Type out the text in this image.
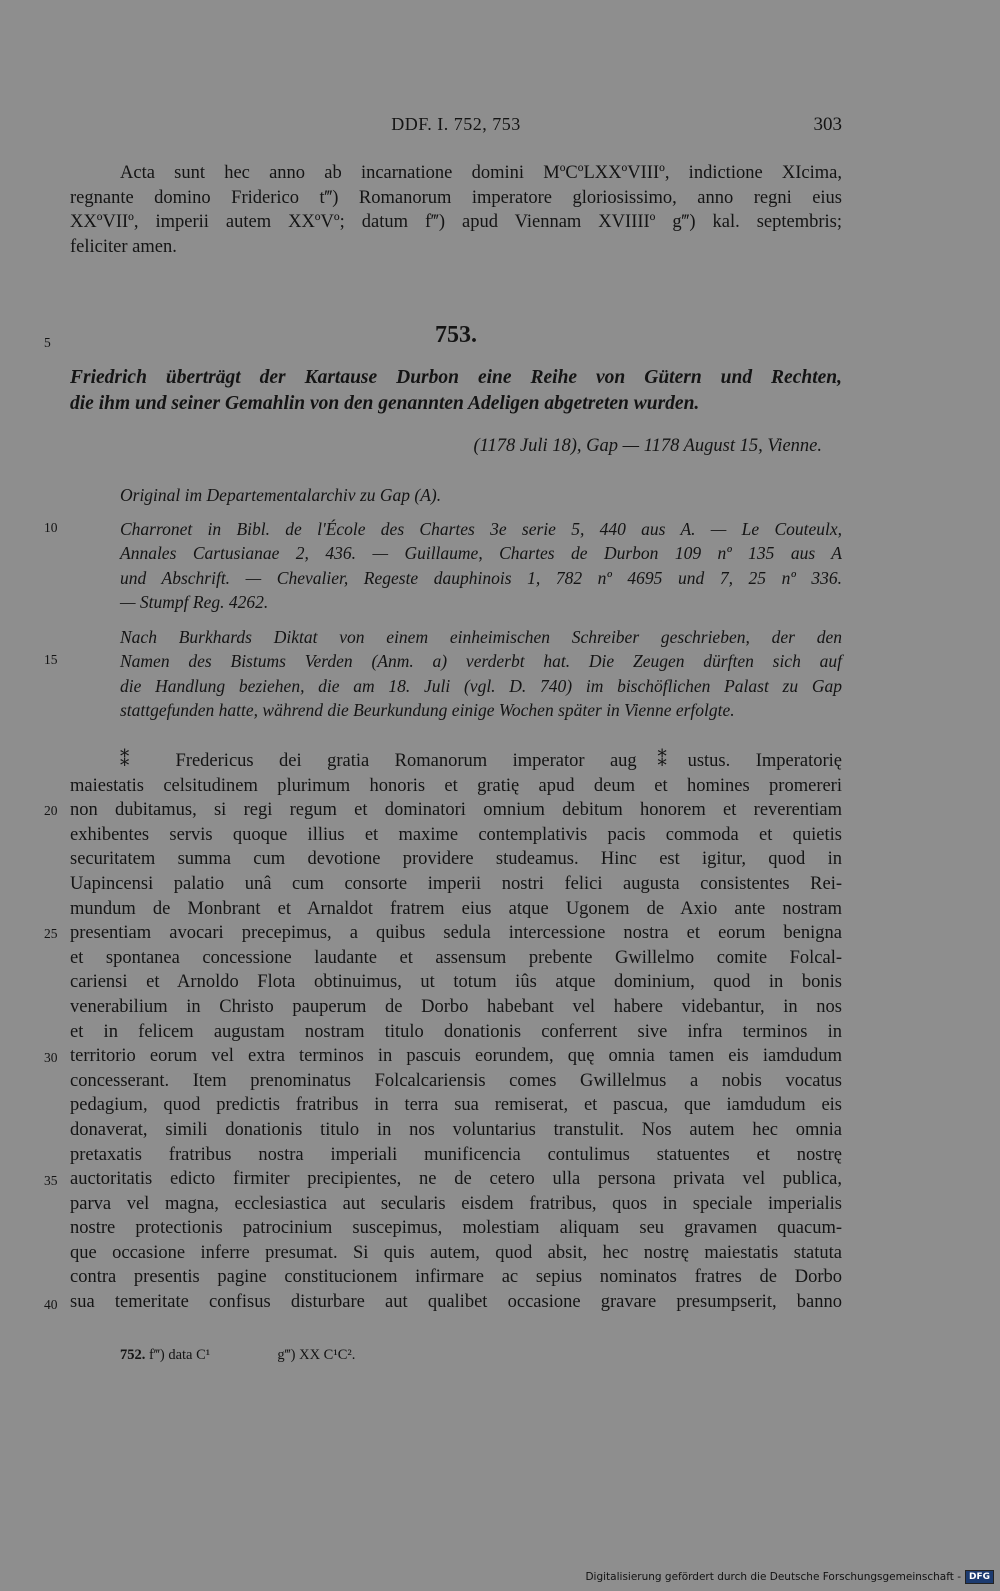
DDF. I. 752, 753	303
Acta sunt hec anno ab incarnatione domini MºCºLXXºVIIIº, indictione XIcima,
regnante domino Friderico t‴) Romanorum imperatore gloriosissimo, anno regni eius
XXºVIIº, imperii autem XXºVº; datum f‴) apud Viennam XVIIIIº g‴) kal. septembris;
feliciter amen.
753.
Friedrich überträgt der Kartause Durbon eine Reihe von Gütern und Rechten,
die ihm und seiner Gemahlin von den genannten Adeligen abgetreten wurden.
(1178 Juli 18), Gap — 1178 August 15, Vienne.
Original im Departementalarchiv zu Gap (A).
Charronet in Bibl. de l'École des Chartes 3e serie 5, 440 aus A. — Le Couteulx,
Annales Cartusianae 2, 436. — Guillaume, Chartes de Durbon 109 nº 135 aus A
und Abschrift. — Chevalier, Regeste dauphinois 1, 782 nº 4695 und 7, 25 nº 336.
— Stumpf Reg. 4262.
Nach Burkhards Diktat von einem einheimischen Schreiber geschrieben, der den
Namen des Bistums Verden (Anm. a) verderbt hat. Die Zeugen dürften sich auf
die Handlung beziehen, die am 18. Juli (vgl. D. 740) im bischöflichen Palast zu Gap
stattgefunden hatte, während die Beurkundung einige Wochen später in Vienne erfolgte.
⁑ Fredericus dei gratia Romanorum imperator aug⁑ustus. Imperatorię
maiestatis celsitudinem plurimum honoris et gratię apud deum et homines promereri
non dubitamus, si regi regum et dominatori omnium debitum honorem et reverentiam
exhibentes servis quoque illius et maxime contemplativis pacis commoda et quietis
securitatem summa cum devotione providere studeamus. Hinc est igitur, quod in
Uapincensi palatio unâ cum consorte imperii nostri felici augusta consistentes Rei-
mundum de Monbrant et Arnaldot fratrem eius atque Ugonem de Axio ante nostram
presentiam avocari precepimus, a quibus sedula intercessione nostra et eorum benigna
et spontanea concessione laudante et assensum prebente Gwillelmo comite Folcal-
cariensi et Arnoldo Flota obtinuimus, ut totum iûs atque dominium, quod in bonis
venerabilium in Christo pauperum de Dorbo habebant vel habere videbantur, in nos
et in felicem augustam nostram titulo donationis conferrent sive infra terminos in
territorio eorum vel extra terminos in pascuis eorundem, quę omnia tamen eis iamdudum
concesserant. Item prenominatus Folcalcariensis comes Gwillelmus a nobis vocatus
pedagium, quod predictis fratribus in terra sua remiserat, et pascua, que iamdudum eis
donaverat, simili donationis titulo in nos voluntarius transtulit. Nos autem hec omnia
pretaxatis fratribus nostra imperiali munificencia contulimus statuentes et nostrę
auctoritatis edicto firmiter precipientes, ne de cetero ulla persona privata vel publica,
parva vel magna, ecclesiastica aut secularis eisdem fratribus, quos in speciale imperialis
nostre protectionis patrocinium suscepimus, molestiam aliquam seu gravamen quacum-
que occasione inferre presumat. Si quis autem, quod absit, hec nostrę maiestatis statuta
contra presentis pagine constitucionem infirmare ac sepius nominatos fratres de Dorbo
sua temeritate confisus disturbare aut qualibet occasione gravare presumpserit, banno
5
10
15
20
25
30
35
40
752. f‴) data C¹	g‴) XX C¹C².
Digitalisierung gefördert durch die Deutsche Forschungsgemeinschaft - DFG
